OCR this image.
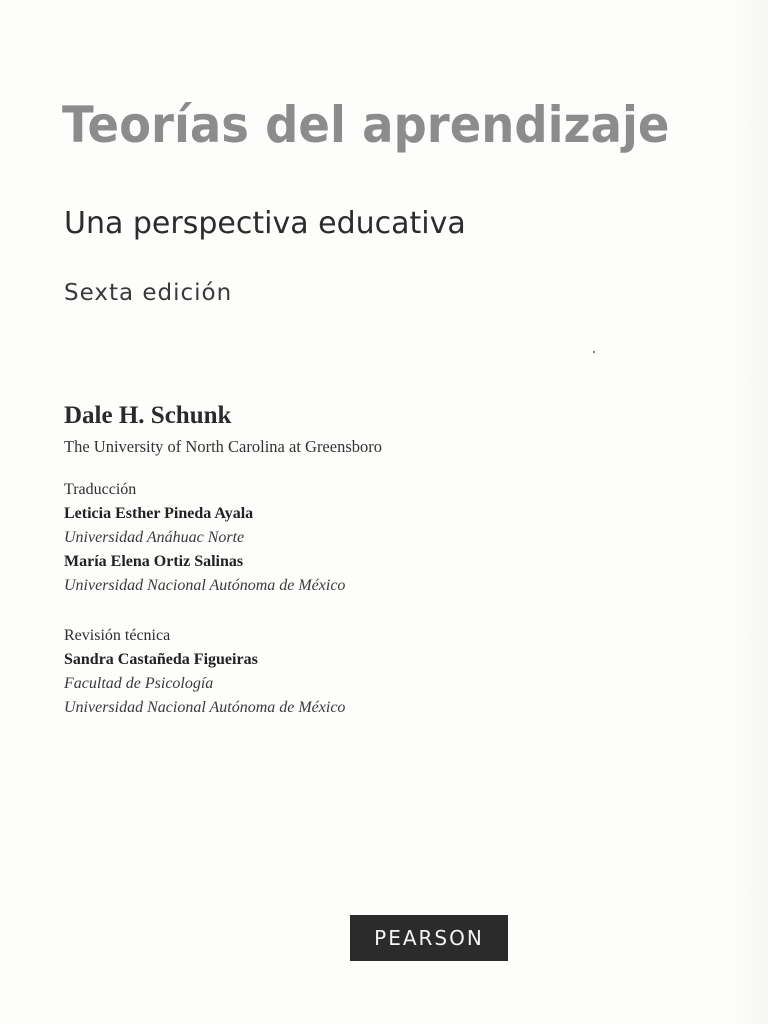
Teorías del aprendizaje
Una perspectiva educativa

Sexta edición

Dale H. Schunk
The University of North Carolina at Greensboro
Traducción
Leticia Esther Pineda Ayala
Universidad Anáhuac Norte
María Elena Ortiz Salinas
Universidad Nacional Autónoma de México
Revisión técnica
Sandra Castañeda Figueiras
Facultad de Psicología
Universidad Nacional Autónoma de México
PEARSON
